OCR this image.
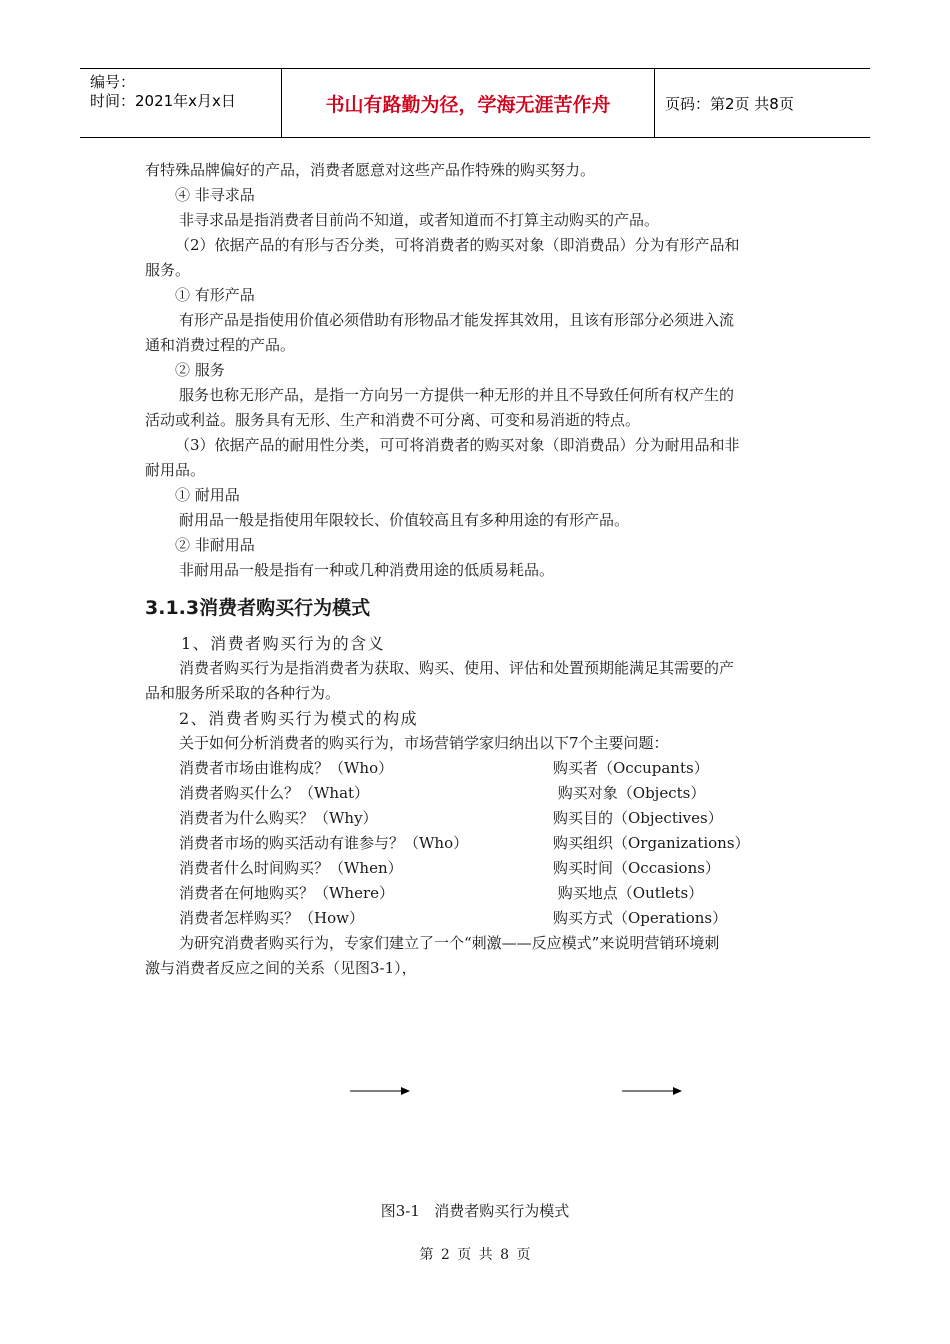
编号：
时间：2021年x月x日	书山有路勤为径，学海无涯苦作舟	页码：第2页 共8页
有特殊品牌偏好的产品，消费者愿意对这些产品作特殊的购买努力。
④ 非寻求品
非寻求品是指消费者目前尚不知道，或者知道而不打算主动购买的产品。
（2）依据产品的有形与否分类，可将消费者的购买对象（即消费品）分为有形产品和
服务。
① 有形产品
有形产品是指使用价值必须借助有形物品才能发挥其效用，且该有形部分必须进入流
通和消费过程的产品。
② 服务
服务也称无形产品，是指一方向另一方提供一种无形的并且不导致任何所有权产生的
活动或利益。服务具有无形、生产和消费不可分离、可变和易消逝的特点。
（3）依据产品的耐用性分类，可可将消费者的购买对象（即消费品）分为耐用品和非
耐用品。
① 耐用品
耐用品一般是指使用年限较长、价值较高且有多种用途的有形产品。
② 非耐用品
非耐用品一般是指有一种或几种消费用途的低质易耗品。
3.1.3消费者购买行为模式
1、消费者购买行为的含义
消费者购买行为是指消费者为获取、购买、使用、评估和处置预期能满足其需要的产
品和服务所采取的各种行为。
2、消费者购买行为模式的构成
关于如何分析消费者的购买行为，市场营销学家归纳出以下7个主要问题：
消费者市场由谁构成？（Who）	购买者（Occupants）
消费者购买什么？（What）	购买对象（Objects）
消费者为什么购买？（Why）	购买目的（Objectives）
消费者市场的购买活动有谁参与？（Who）	购买组织（Organizations）
消费者什么时间购买？（When）	购买时间（Occasions）
消费者在何地购买？（Where）	购买地点（Outlets）
消费者怎样购买？（How）	购买方式（Operations）
为研究消费者购买行为，专家们建立了一个“刺激——反应模式”来说明营销环境刺
激与消费者反应之间的关系（见图3-1），
图3-1   消费者购买行为模式
第 2 页 共 8 页
